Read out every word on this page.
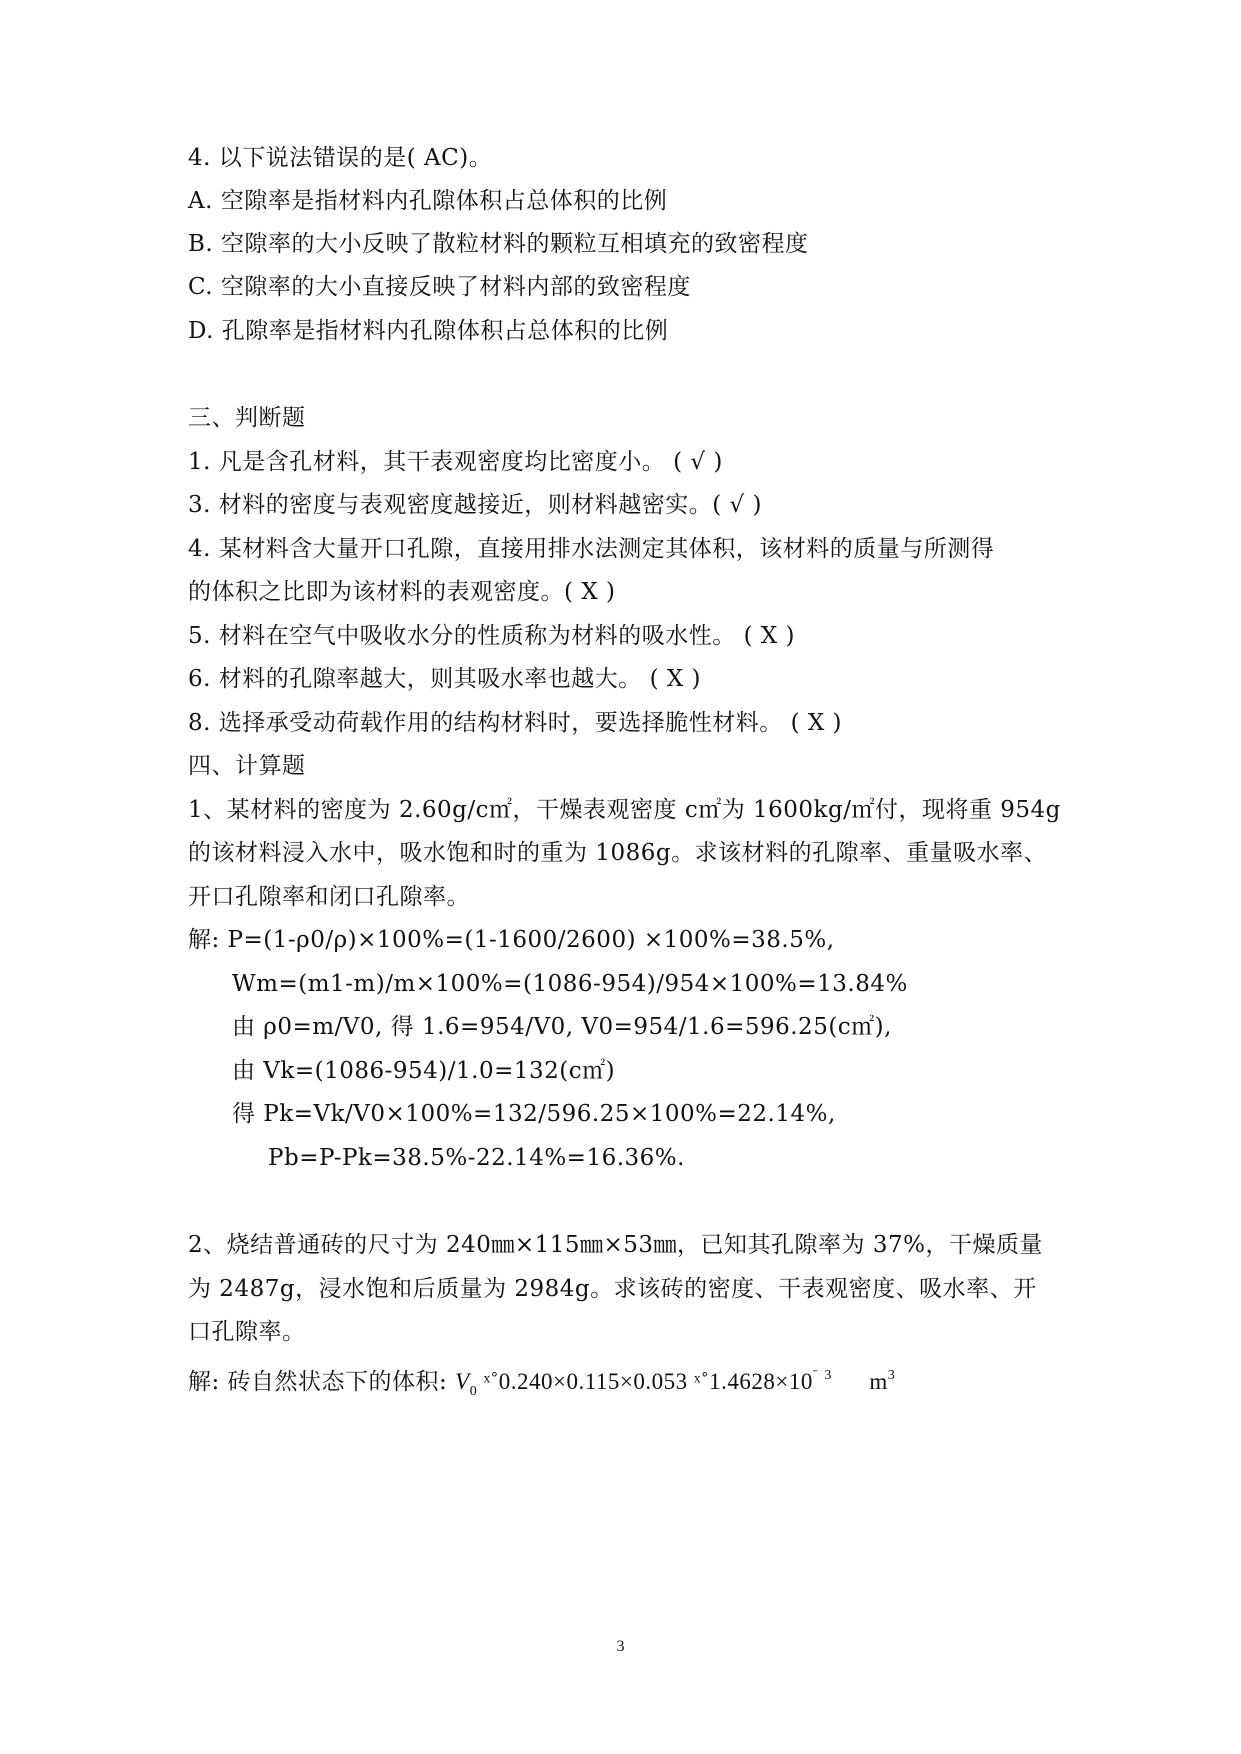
4. 以下说法错误的是( AC)。
A. 空隙率是指材料内孔隙体积占总体积的比例
B. 空隙率的大小反映了散粒材料的颗粒互相填充的致密程度
C. 空隙率的大小直接反映了材料内部的致密程度
D. 孔隙率是指材料内孔隙体积占总体积的比例
三、判断题
1. 凡是含孔材料，其干表观密度均比密度小。 ( √ )
3. 材料的密度与表观密度越接近，则材料越密实。( √ )
4. 某材料含大量开口孔隙，直接用排水法测定其体积，该材料的质量与所测得
的体积之比即为该材料的表观密度。( X )
5. 材料在空气中吸收水分的性质称为材料的吸水性。 ( X )
6. 材料的孔隙率越大，则其吸水率也越大。 ( X )
8. 选择承受动荷载作用的结构材料时，要选择脆性材料。 ( X )
四、计算题
1、某材料的密度为 2.60g/c㎡，干燥表观密度 c㎡为 1600kg/㎡付，现将重 954g
的该材料浸入水中，吸水饱和时的重为 1086g。求该材料的孔隙率、重量吸水率、
开口孔隙率和闭口孔隙率。
解: P=(1-ρ0/ρ)×100%=(1-1600/2600) ×100%=38.5%,
Wm=(m1-m)/m×100%=(1086-954)/954×100%=13.84%
由 ρ0=m/V0, 得 1.6=954/V0, V0=954/1.6=596.25(c㎡),
由 Vk=(1086-954)/1.0=132(c㎡)
得 Pk=Vk/V0×100%=132/596.25×100%=22.14%,
Pb=P-Pk=38.5%-22.14%=16.36%.
2、烧结普通砖的尺寸为 240㎜×115㎜×53㎜，已知其孔隙率为 37%，干燥质量
为 2487g，浸水饱和后质量为 2984g。求该砖的密度、干表观密度、吸水率、开
口孔隙率。
解: 砖自然状态下的体积: $V_0$ ˣ˚0.240×0.115×0.053 $ˣ˚1.4628\times 10^ˉ$ $^3$ $m^3$
3
